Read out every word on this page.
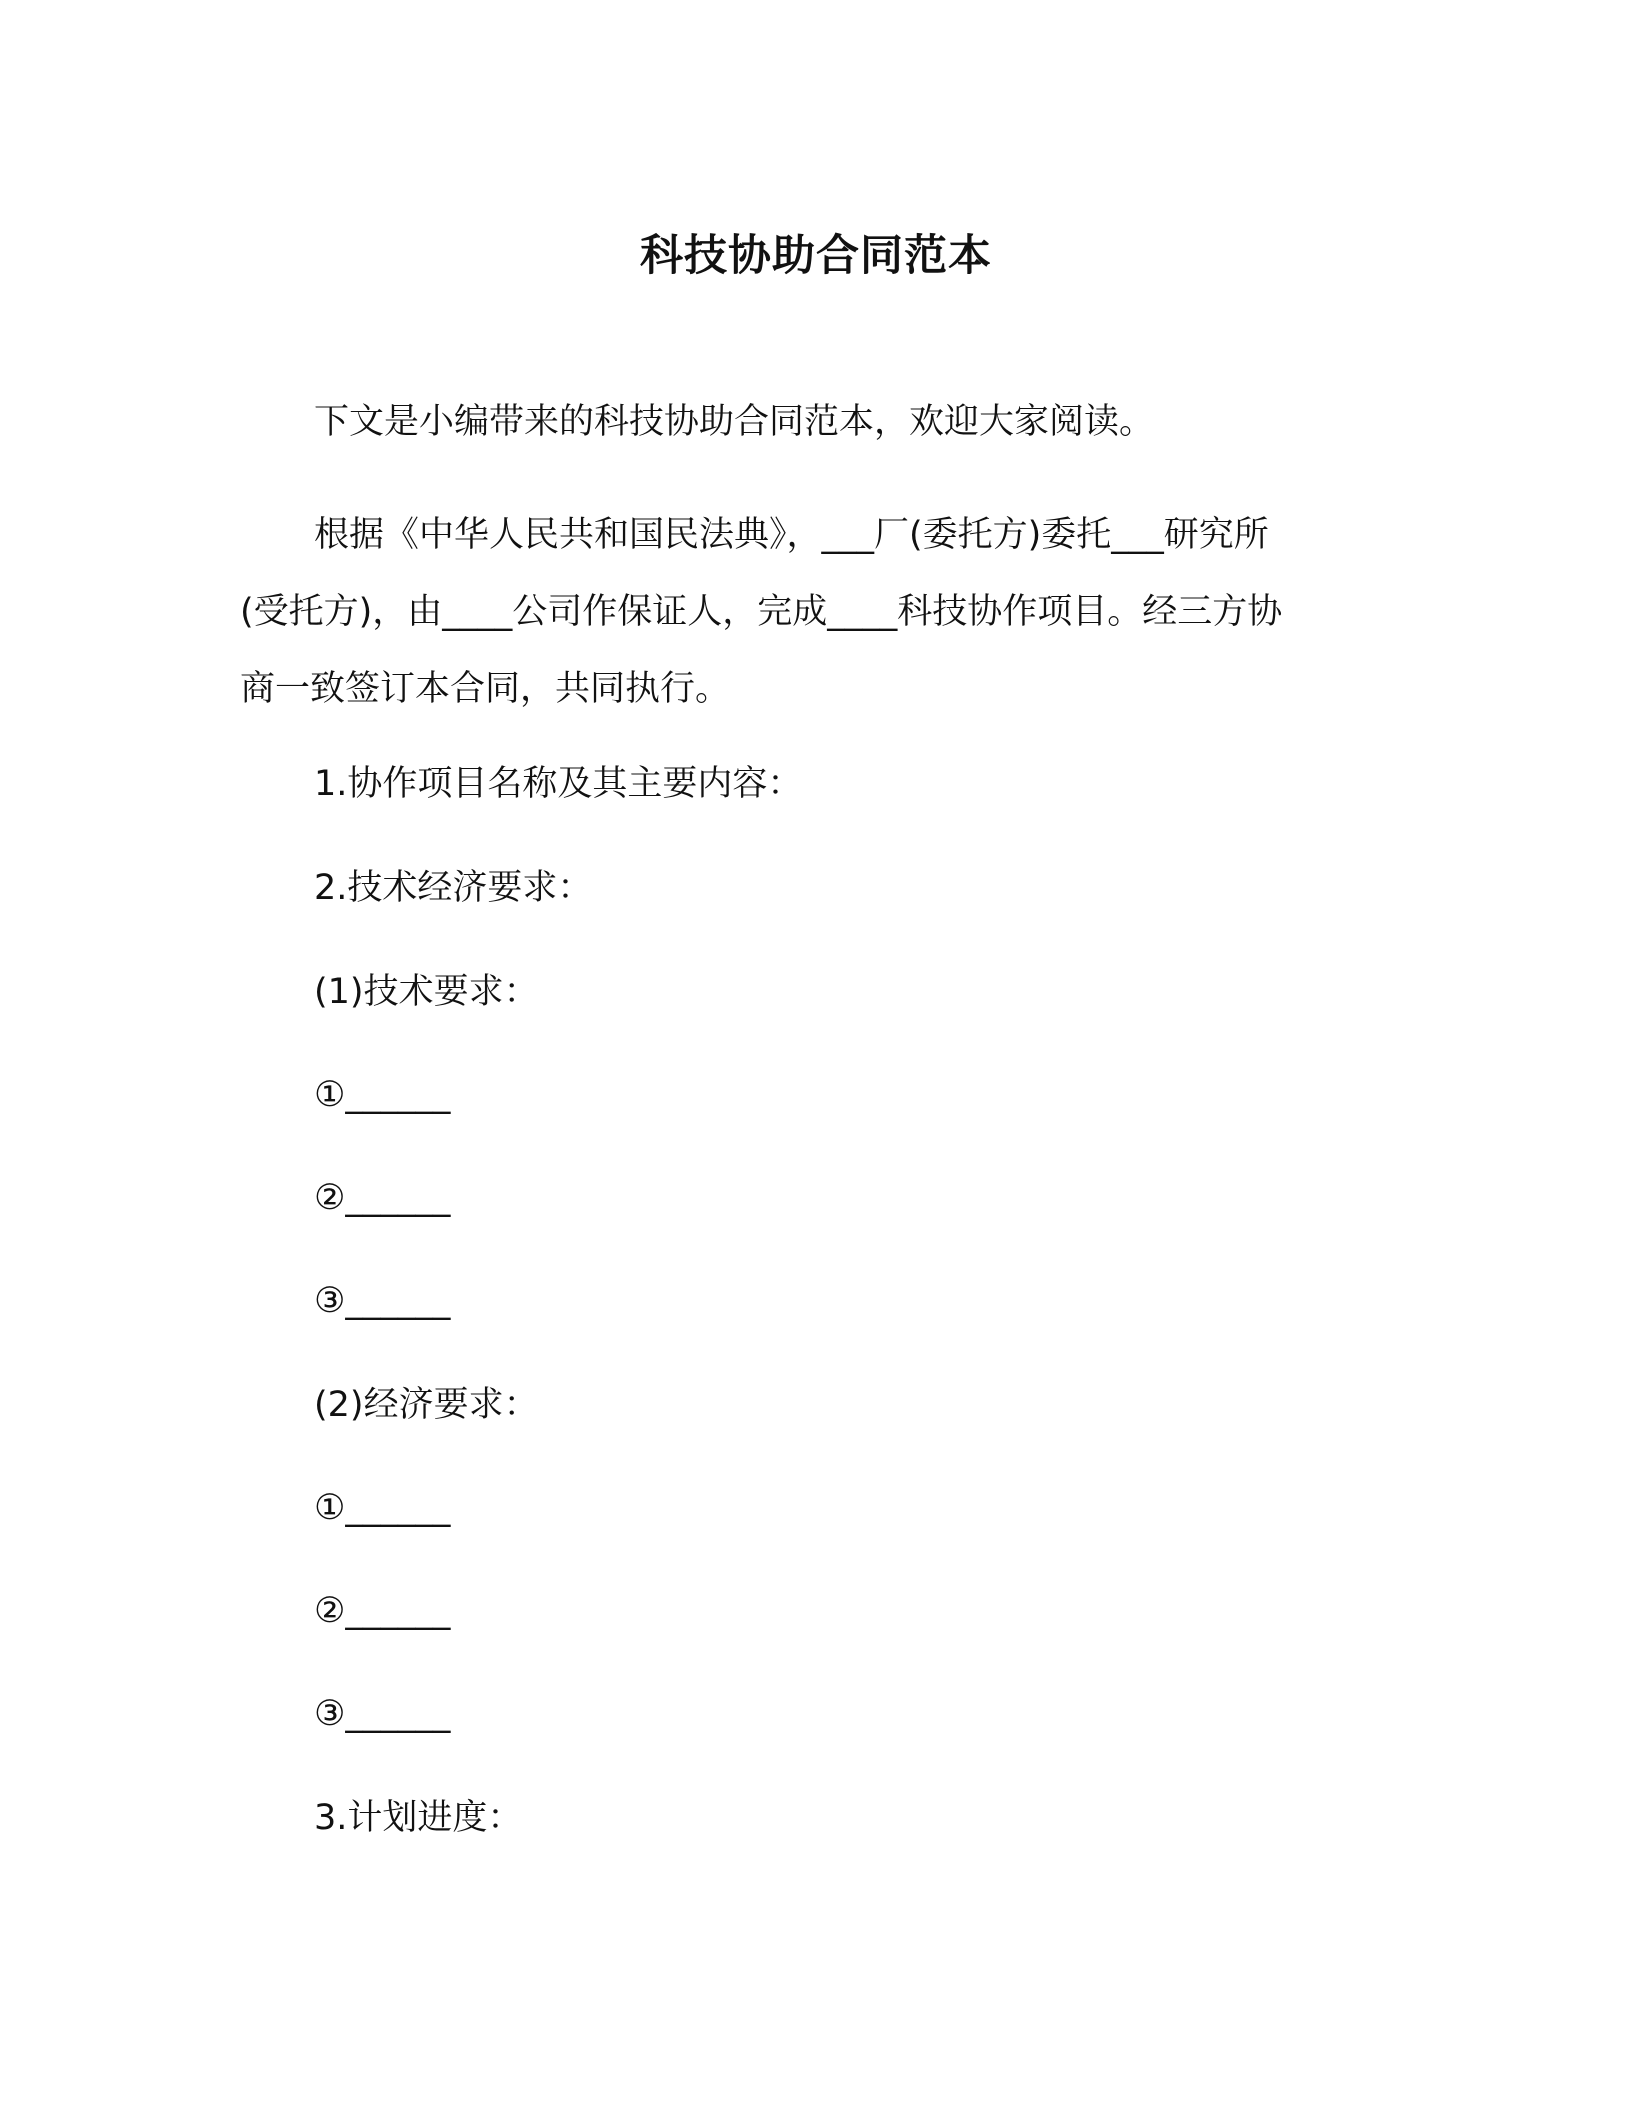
科技协助合同范本

下文是小编带来的科技协助合同范本，欢迎大家阅读。

根据《中华人民共和国民法典》，___厂(委托方)委托___研究所
(受托方)，由____公司作保证人，完成____科技协作项目。经三方协
商一致签订本合同，共同执行。

1.协作项目名称及其主要内容：

2.技术经济要求：

(1)技术要求：

①______

②______

③______

(2)经济要求：

①______

②______

③______

3.计划进度：
